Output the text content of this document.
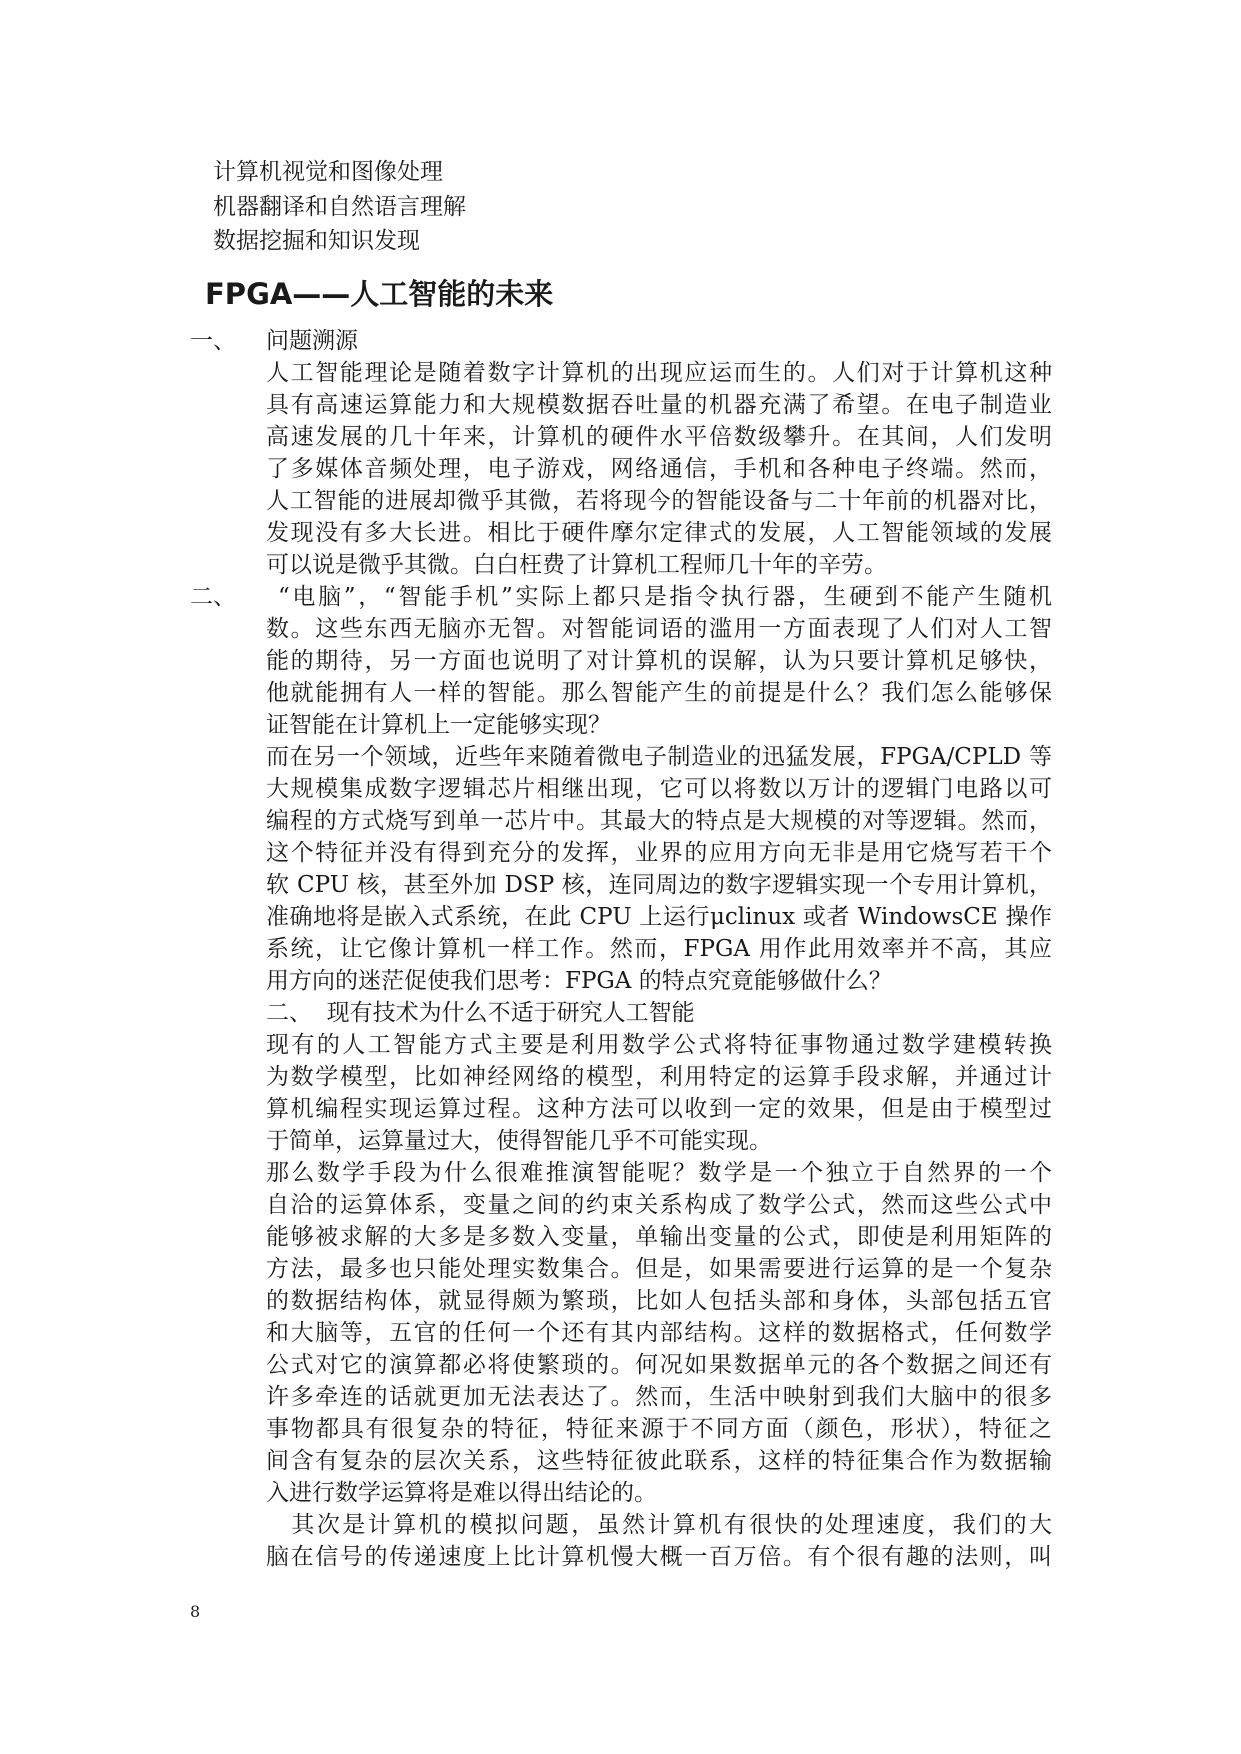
计算机视觉和图像处理
机器翻译和自然语言理解
数据挖掘和知识发现
FPGA——人工智能的未来
一、 问题溯源
人工智能理论是随着数字计算机的出现应运而生的。人们对于计算机这种
具有高速运算能力和大规模数据吞吐量的机器充满了希望。在电子制造业
高速发展的几十年来，计算机的硬件水平倍数级攀升。在其间，人们发明
了多媒体音频处理，电子游戏，网络通信，手机和各种电子终端。然而，
人工智能的进展却微乎其微，若将现今的智能设备与二十年前的机器对比，
发现没有多大长进。相比于硬件摩尔定律式的发展，人工智能领域的发展
可以说是微乎其微。白白枉费了计算机工程师几十年的辛劳。
二、 “电脑”，“智能手机”实际上都只是指令执行器，生硬到不能产生随机
数。这些东西无脑亦无智。对智能词语的滥用一方面表现了人们对人工智
能的期待，另一方面也说明了对计算机的误解，认为只要计算机足够快，
他就能拥有人一样的智能。那么智能产生的前提是什么？我们怎么能够保
证智能在计算机上一定能够实现？
而在另一个领域，近些年来随着微电子制造业的迅猛发展，FPGA/CPLD 等
大规模集成数字逻辑芯片相继出现，它可以将数以万计的逻辑门电路以可
编程的方式烧写到单一芯片中。其最大的特点是大规模的对等逻辑。然而，
这个特征并没有得到充分的发挥，业界的应用方向无非是用它烧写若干个
软 CPU 核，甚至外加 DSP 核，连同周边的数字逻辑实现一个专用计算机，
准确地将是嵌入式系统，在此 CPU 上运行μclinux 或者 WindowsCE 操作
系统，让它像计算机一样工作。然而，FPGA 用作此用效率并不高，其应
用方向的迷茫促使我们思考：FPGA 的特点究竟能够做什么？
二、  现有技术为什么不适于研究人工智能
现有的人工智能方式主要是利用数学公式将特征事物通过数学建模转换
为数学模型，比如神经网络的模型，利用特定的运算手段求解，并通过计
算机编程实现运算过程。这种方法可以收到一定的效果，但是由于模型过
于简单，运算量过大，使得智能几乎不可能实现。
那么数学手段为什么很难推演智能呢？数学是一个独立于自然界的一个
自洽的运算体系，变量之间的约束关系构成了数学公式，然而这些公式中
能够被求解的大多是多数入变量，单输出变量的公式，即使是利用矩阵的
方法，最多也只能处理实数集合。但是，如果需要进行运算的是一个复杂
的数据结构体，就显得颇为繁琐，比如人包括头部和身体，头部包括五官
和大脑等，五官的任何一个还有其内部结构。这样的数据格式，任何数学
公式对它的演算都必将使繁琐的。何况如果数据单元的各个数据之间还有
许多牵连的话就更加无法表达了。然而，生活中映射到我们大脑中的很多
事物都具有很复杂的特征，特征来源于不同方面（颜色，形状），特征之
间含有复杂的层次关系，这些特征彼此联系，这样的特征集合作为数据输
入进行数学运算将是难以得出结论的。
　其次是计算机的模拟问题，虽然计算机有很快的处理速度，我们的大
脑在信号的传递速度上比计算机慢大概一百万倍。有个很有趣的法则，叫
8
